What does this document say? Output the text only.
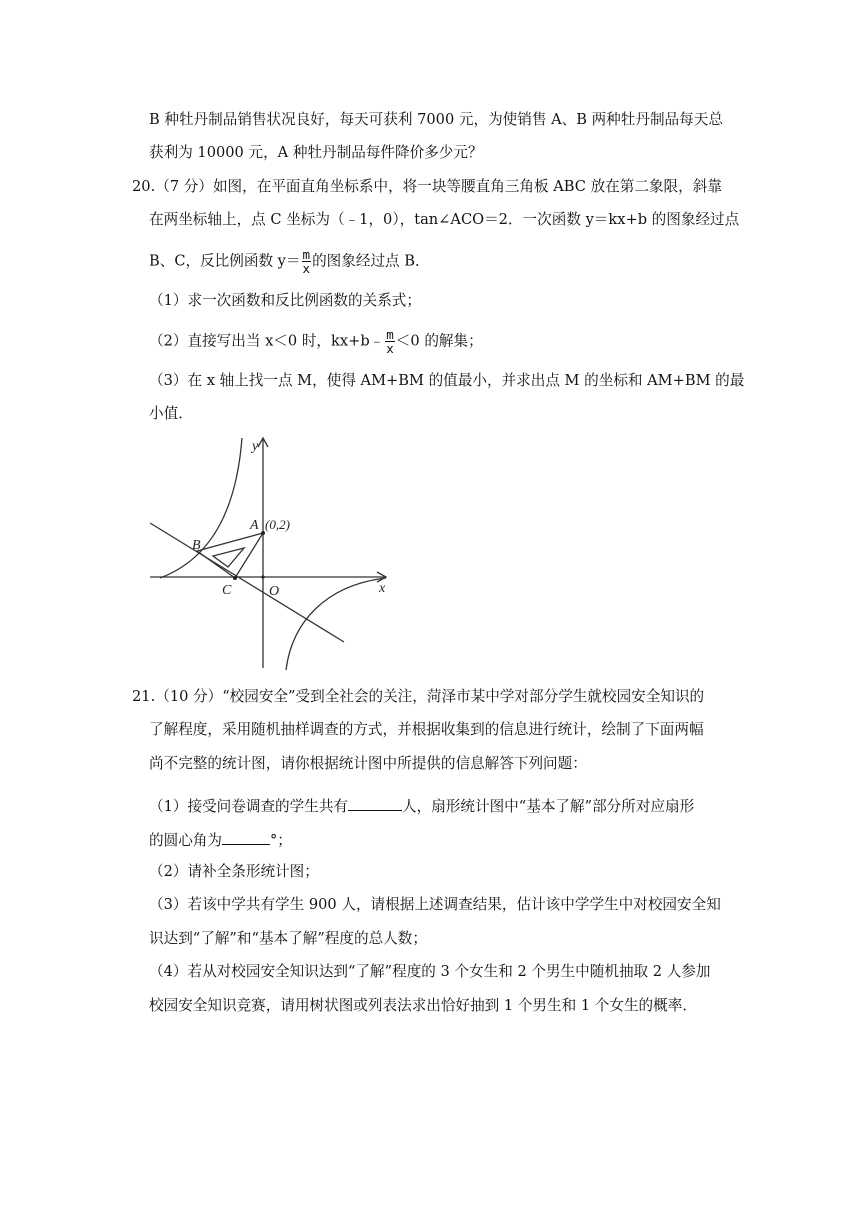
B 种牡丹制品销售状况良好，每天可获利 7000 元，为使销售 A、B 两种牡丹制品每天总
获利为 10000 元，A 种牡丹制品每件降价多少元？
20.（7 分）如图，在平面直角坐标系中，将一块等腰直角三角板 ABC 放在第二象限，斜靠
在两坐标轴上，点 C 坐标为（﹣1，0），tan∠ACO＝2．一次函数 y＝kx+b 的图象经过点
B、C，反比例函数 $y= \frac{m}{x}$ 的图象经过点 B．
（1）求一次函数和反比例函数的关系式；
（2）直接写出当 x＜0 时，kx+b﹣ $\frac{m}{x} <0$ 的解集；
（3）在 x 轴上找一点 M，使得 AM+BM 的值最小，并求出点 M 的坐标和 AM+BM 的最
小值．
y
x
O
A (0,2)
B
C
21.（10 分）“校园安全”受到全社会的关注，菏泽市某中学对部分学生就校园安全知识的
了解程度，采用随机抽样调查的方式，并根据收集到的信息进行统计，绘制了下面两幅
尚不完整的统计图，请你根据统计图中所提供的信息解答下列问题：
（1）接受问卷调查的学生共有	人，扇形统计图中“基本了解”部分所对应扇形
的圆心角为	°；
（2）请补全条形统计图；
（3）若该中学共有学生 900 人，请根据上述调查结果，估计该中学学生中对校园安全知
识达到“了解”和“基本了解”程度的总人数；
（4）若从对校园安全知识达到“了解”程度的 3 个女生和 2 个男生中随机抽取 2 人参加
校园安全知识竞赛，请用树状图或列表法求出恰好抽到 1 个男生和 1 个女生的概率．
